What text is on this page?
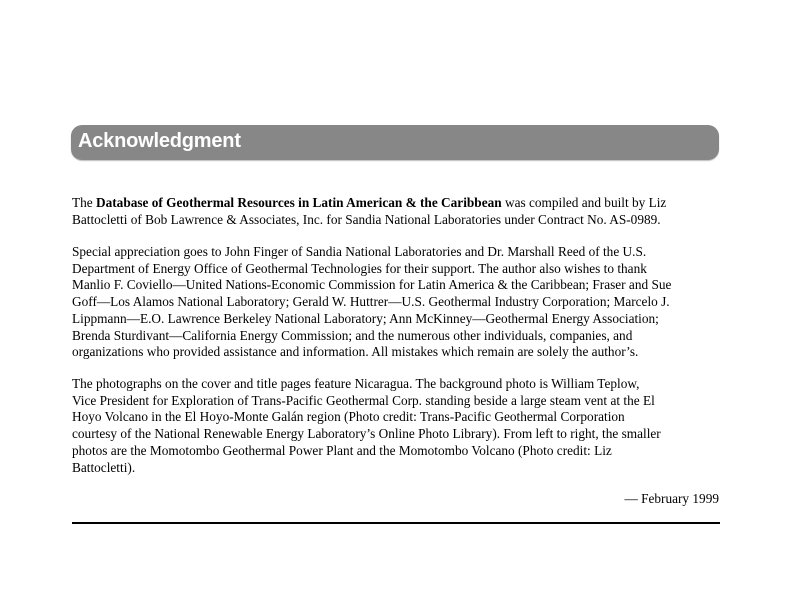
Acknowledgment
The Database of Geothermal Resources in Latin American & the Caribbean was compiled and built by Liz
Battocletti of Bob Lawrence & Associates, Inc. for Sandia National Laboratories under Contract No. AS-0989.
Special appreciation goes to John Finger of Sandia National Laboratories and Dr. Marshall Reed of the U.S.
Department of Energy Office of Geothermal Technologies for their support. The author also wishes to thank
Manlio F. Coviello—United Nations-Economic Commission for Latin America & the Caribbean; Fraser and Sue
Goff—Los Alamos National Laboratory; Gerald W. Huttrer—U.S. Geothermal Industry Corporation; Marcelo J.
Lippmann—E.O. Lawrence Berkeley National Laboratory; Ann McKinney—Geothermal Energy Association;
Brenda Sturdivant—California Energy Commission; and the numerous other individuals, companies, and
organizations who provided assistance and information. All mistakes which remain are solely the author’s.
The photographs on the cover and title pages feature Nicaragua. The background photo is William Teplow,
Vice President for Exploration of Trans-Pacific Geothermal Corp. standing beside a large steam vent at the El
Hoyo Volcano in the El Hoyo-Monte Galán region (Photo credit: Trans-Pacific Geothermal Corporation
courtesy of the National Renewable Energy Laboratory’s Online Photo Library). From left to right, the smaller
photos are the Momotombo Geothermal Power Plant and the Momotombo Volcano (Photo credit: Liz
Battocletti).
— February 1999
